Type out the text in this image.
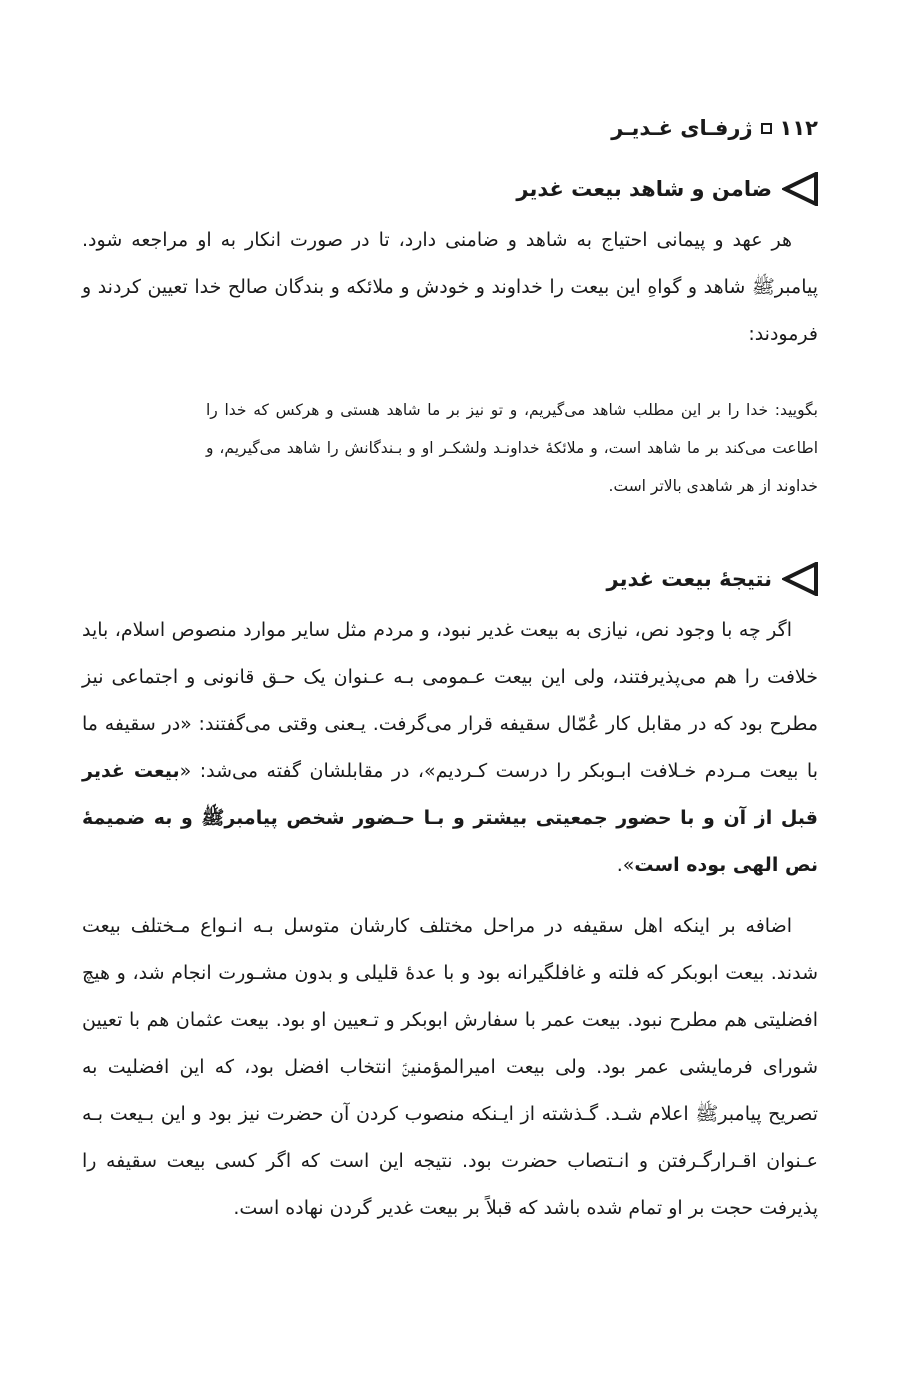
۱۱۲
ژرفـای غـدیـر
ضامن و شاهد بیعت غدیر

هر عهد و پیمانی احتیاج به شاهد و ضامنی دارد، تا در صورت انکار به او مراجعه شود. پیامبرﷺ شاهد و گواهِ این بیعت را خداوند و خودش و ملائکه و بندگان صالح خدا تعیین کردند و فرمودند:

بگویید: خدا را بر این مطلب شاهد می‌گیریم، و تو نیز بر ما شاهد هستی و هرکس که خدا را اطاعت می‌کند بر ما شاهد است، و ملائکهٔ خداونـد ولشکـر او و بـندگانش را شاهد می‌گیریم، و خداوند از هر شاهدی بالاتر است.

نتیجهٔ بیعت غدیر

اگر چه با وجود نص، نیازی به بیعت غدیر نبود، و مردم مثل سایر موارد منصوص اسلام، باید خلافت را هم می‌پذیرفتند، ولی این بیعت عـمومی بـه عـنوان یک حـق قانونی و اجتماعی نیز مطرح بود که در مقابل کار عُمّال سقیفه قرار می‌گرفت. یـعنی وقتی می‌گفتند: «در سقیفه ما با بیعت مـردم خـلافت ابـوبکر را درست کـردیم»، در مقابلشان گفته می‌شد: «بیعت غدیر قبل از آن و با حضور جمعیتی بیشتر و بـا حـضور شخص پیامبرﷺ و به ضمیمهٔ نص الهی بوده است».

اضافه بر اینکه اهل سقیفه در مراحل مختلف کارشان متوسل بـه انـواع مـختلف بیعت شدند. بیعت ابوبکر که فلته و غافلگیرانه بود و با عدهٔ قلیلی و بدون مشـورت انجام شد، و هیچ افضلیتی هم مطرح نبود. بیعت عمر با سفارش ابوبکر و تـعیین او بود. بیعت عثمان هم با تعیین شورای فرمایشی عمر بود. ولی بیعت امیرالمؤمنینؑ انتخاب افضل بود، که این افضلیت به تصریح پیامبرﷺ اعلام شـد. گـذشته از ایـنکه منصوب کردن آن حضرت نیز بود و این بـیعت بـه عـنوان اقـرارگـرفتن و انـتصاب حضرت بود. نتیجه این است که اگر کسی بیعت سقیفه را پذیرفت حجت بر او تمام شده باشد که قبلاً بر بیعت غدیر گردن نهاده است.
